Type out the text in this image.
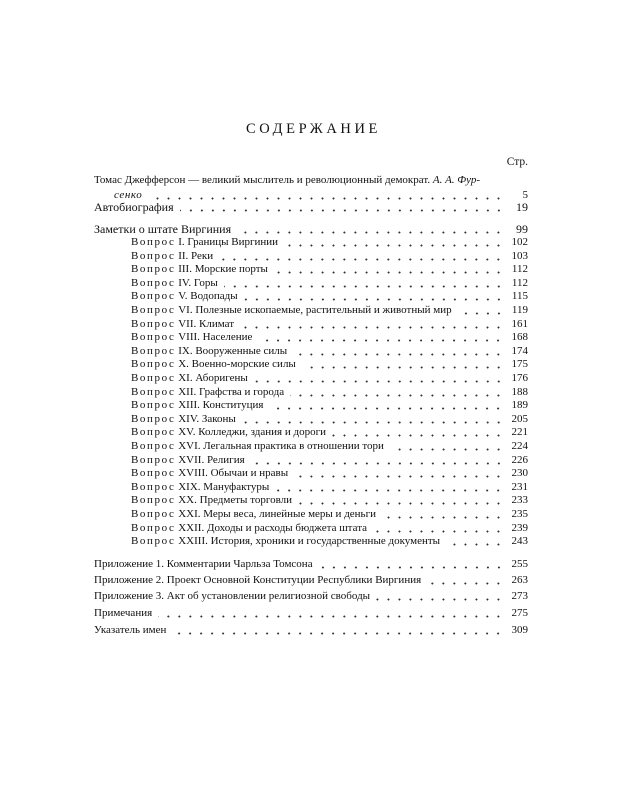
СОДЕРЖАНИЕ
Стр.
Томас Джефферсон — великий мыслитель и революционный демократ. А. А. Фур-
сенко	5
Автобиография	19
Заметки о штате Виргиния	99
Вопрос I. Границы Виргинии	102
Вопрос II. Реки	103
Вопрос III. Морские порты	112
Вопрос IV. Горы	112
Вопрос V. Водопады	115
Вопрос VI. Полезные ископаемые, растительный и животный мир	119
Вопрос VII. Климат	161
Вопрос VIII. Население	168
Вопрос IX. Вооруженные силы	174
Вопрос X. Военно-морские силы	175
Вопрос XI. Аборигены	176
Вопрос XII. Графства и города	188
Вопрос XIII. Конституция	189
Вопрос XIV. Законы	205
Вопрос XV. Колледжи, здания и дороги	221
Вопрос XVI. Легальная практика в отношении тори	224
Вопрос XVII. Религия	226
Вопрос XVIII. Обычаи и нравы	230
Вопрос XIX. Мануфактуры	231
Вопрос XX. Предметы торговли	233
Вопрос XXI. Меры веса, линейные меры и деньги	235
Вопрос XXII. Доходы и расходы бюджета штата	239
Вопрос XXIII. История, хроники и государственные документы	243
Приложение 1. Комментарии Чарльза Томсона	255
Приложение 2. Проект Основной Конституции Республики Виргиния	263
Приложение 3. Акт об установлении религиозной свободы	273
Примечания	275
Указатель имен	309
